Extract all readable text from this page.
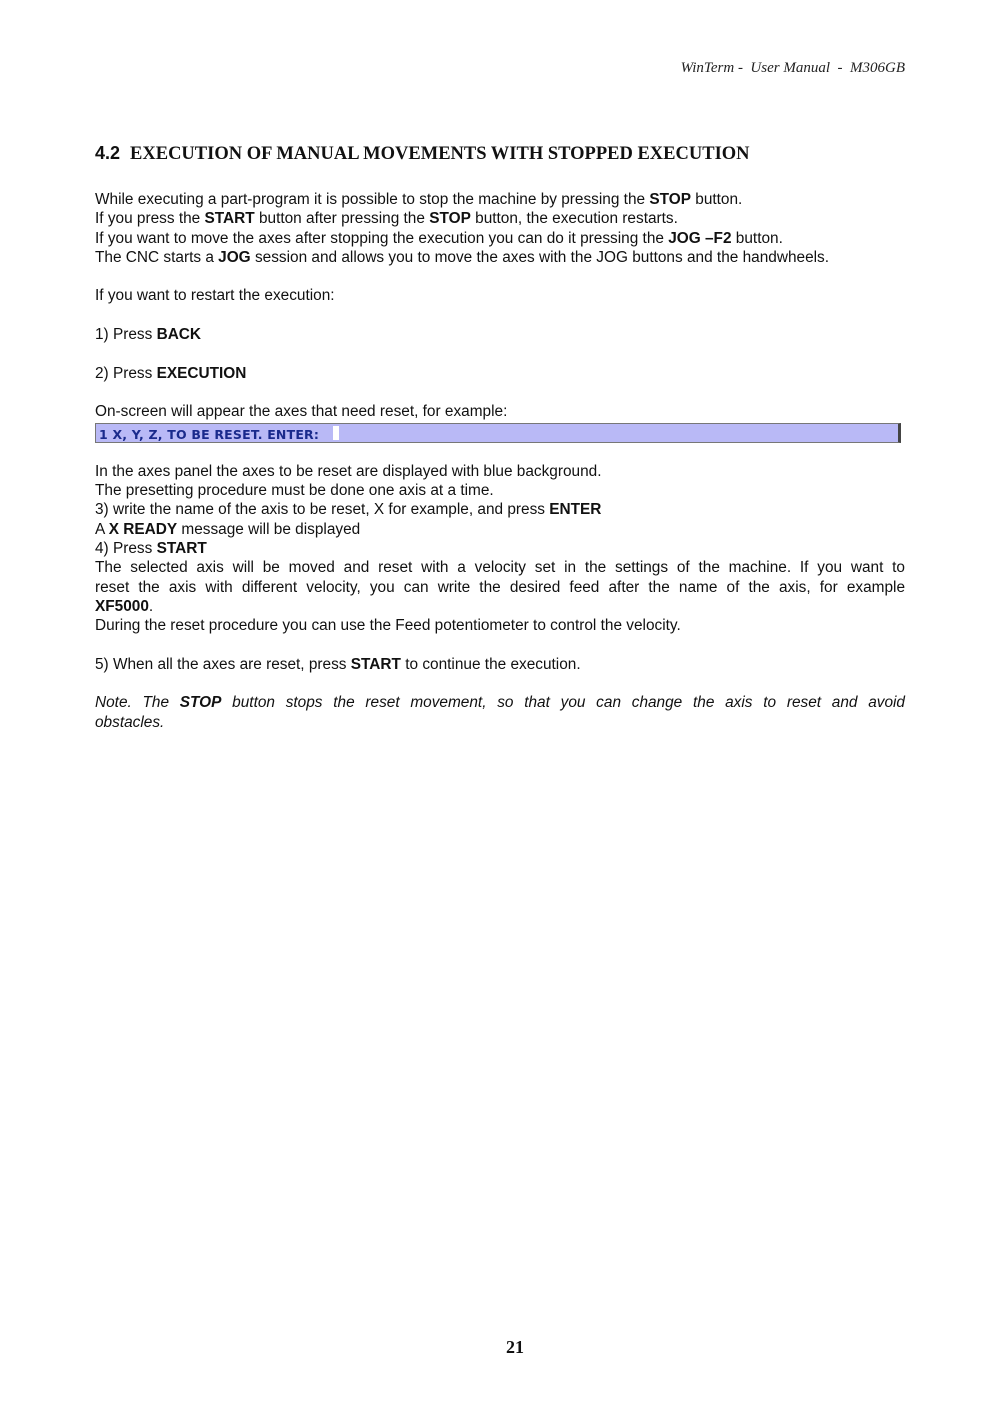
WinTerm -  User Manual  -  M306GB
4.2 EXECUTION OF MANUAL MOVEMENTS WITH STOPPED EXECUTION
While executing a part-program it is possible to stop the machine by pressing the STOP button.
If you press the START button after pressing the STOP button, the execution restarts.
If you want to move the axes after stopping the execution you can do it pressing the JOG –F2 button.
The CNC starts a JOG session and allows you to move the axes with the JOG buttons and the handwheels.
If you want to restart the execution:
1) Press BACK
2) Press EXECUTION
On-screen will appear the axes that need reset, for example:
1 X, Y, Z, TO BE RESET. ENTER:
In the axes panel the axes to be reset are displayed with blue background.
The presetting procedure must be done one axis at a time.
3) write the name of the axis to be reset, X for example, and press ENTER
A X READY message will be displayed
4) Press START
The selected axis will be moved and reset with a velocity set in the settings of the machine. If you want to
reset the axis with different velocity, you can write the desired feed after the name of the axis, for example
XF5000.
During the reset procedure you can use the Feed potentiometer to control the velocity.
5) When all the axes are reset, press START to continue the execution.
Note. The STOP button stops the reset movement, so that you can change the axis to reset and avoid
obstacles.
21
